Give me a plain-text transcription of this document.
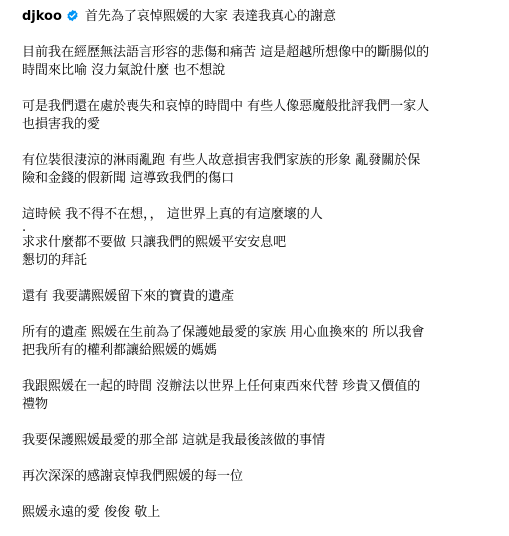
djkoo 首先為了哀悼熙媛的大家 表達我真心的謝意
目前我在經歷無法語言形容的悲傷和痛苦 這是超越所想像中的斷腸似的
時間來比喻 沒力氣說什麼 也不想說
可是我們還在處於喪失和哀悼的時間中 有些人像惡魔般批評我們一家人
也損害我的愛
有位裝很淒涼的淋雨亂跑 有些人故意損害我們家族的形象 亂發關於保
險和金錢的假新聞 這導致我們的傷口
這時候 我不得不在想，， 這世界上真的有這麼壞的人
.
求求什麼都不要做 只讓我們的熙媛平安安息吧
懇切的拜託
還有 我要講熙媛留下來的寶貴的遺產
所有的遺產 熙媛在生前為了保護她最愛的家族 用心血換來的 所以我會
把我所有的權利都讓給熙媛的媽媽
我跟熙媛在一起的時間 沒辦法以世界上任何東西來代替 珍貴又價值的
禮物
我要保護熙媛最愛的那全部 這就是我最後該做的事情
再次深深的感謝哀悼我們熙媛的每一位
熙媛永遠的愛 俊俊 敬上
